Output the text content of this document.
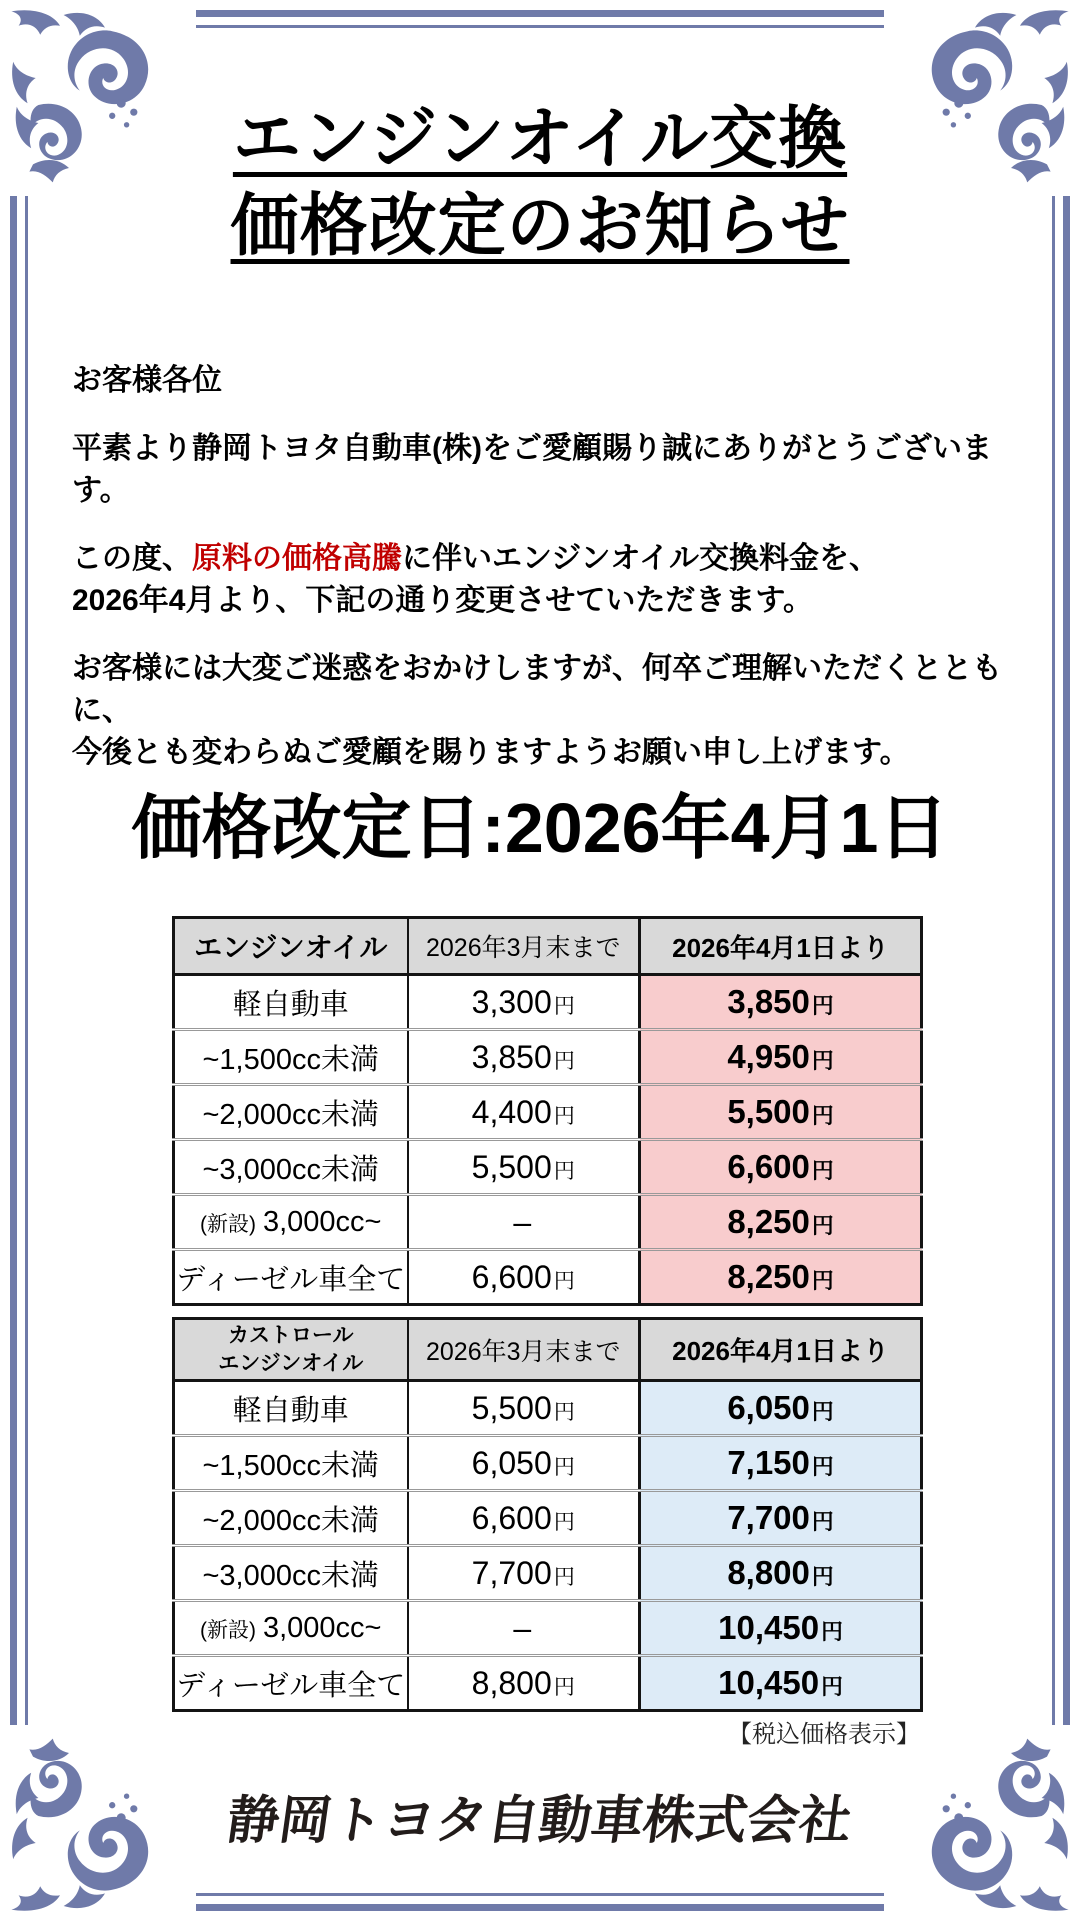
エンジンオイル交換
価格改定のお知らせ

お客様各位

平素より静岡トヨタ自動車(株)をご愛顧賜り誠にありがとうございます。

この度、原料の価格高騰に伴いエンジンオイル交換料金を、
2026年4月より、下記の通り変更させていただきます。

お客様には大変ご迷惑をおかけしますが、何卒ご理解いただくとともに、
今後とも変わらぬご愛顧を賜りますようお願い申し上げます。

価格改定日:2026年4月1日
エンジンオイル	2026年3月末まで	2026年4月1日より
軽自動車	3,300円	3,850円
~1,500cc未満	3,850円	4,950円
~2,000cc未満	4,400円	5,500円
~3,000cc未満	5,500円	6,600円
(新設) 3,000cc~	–	8,250円
ディーゼル車全て	6,600円	8,250円
カストロール
エンジンオイル	2026年3月末まで	2026年4月1日より
軽自動車	5,500円	6,050円
~1,500cc未満	6,050円	7,150円
~2,000cc未満	6,600円	7,700円
~3,000cc未満	7,700円	8,800円
(新設) 3,000cc~	–	10,450円
ディーゼル車全て	8,800円	10,450円
【税込価格表示】
静岡トヨタ自動車株式会社
